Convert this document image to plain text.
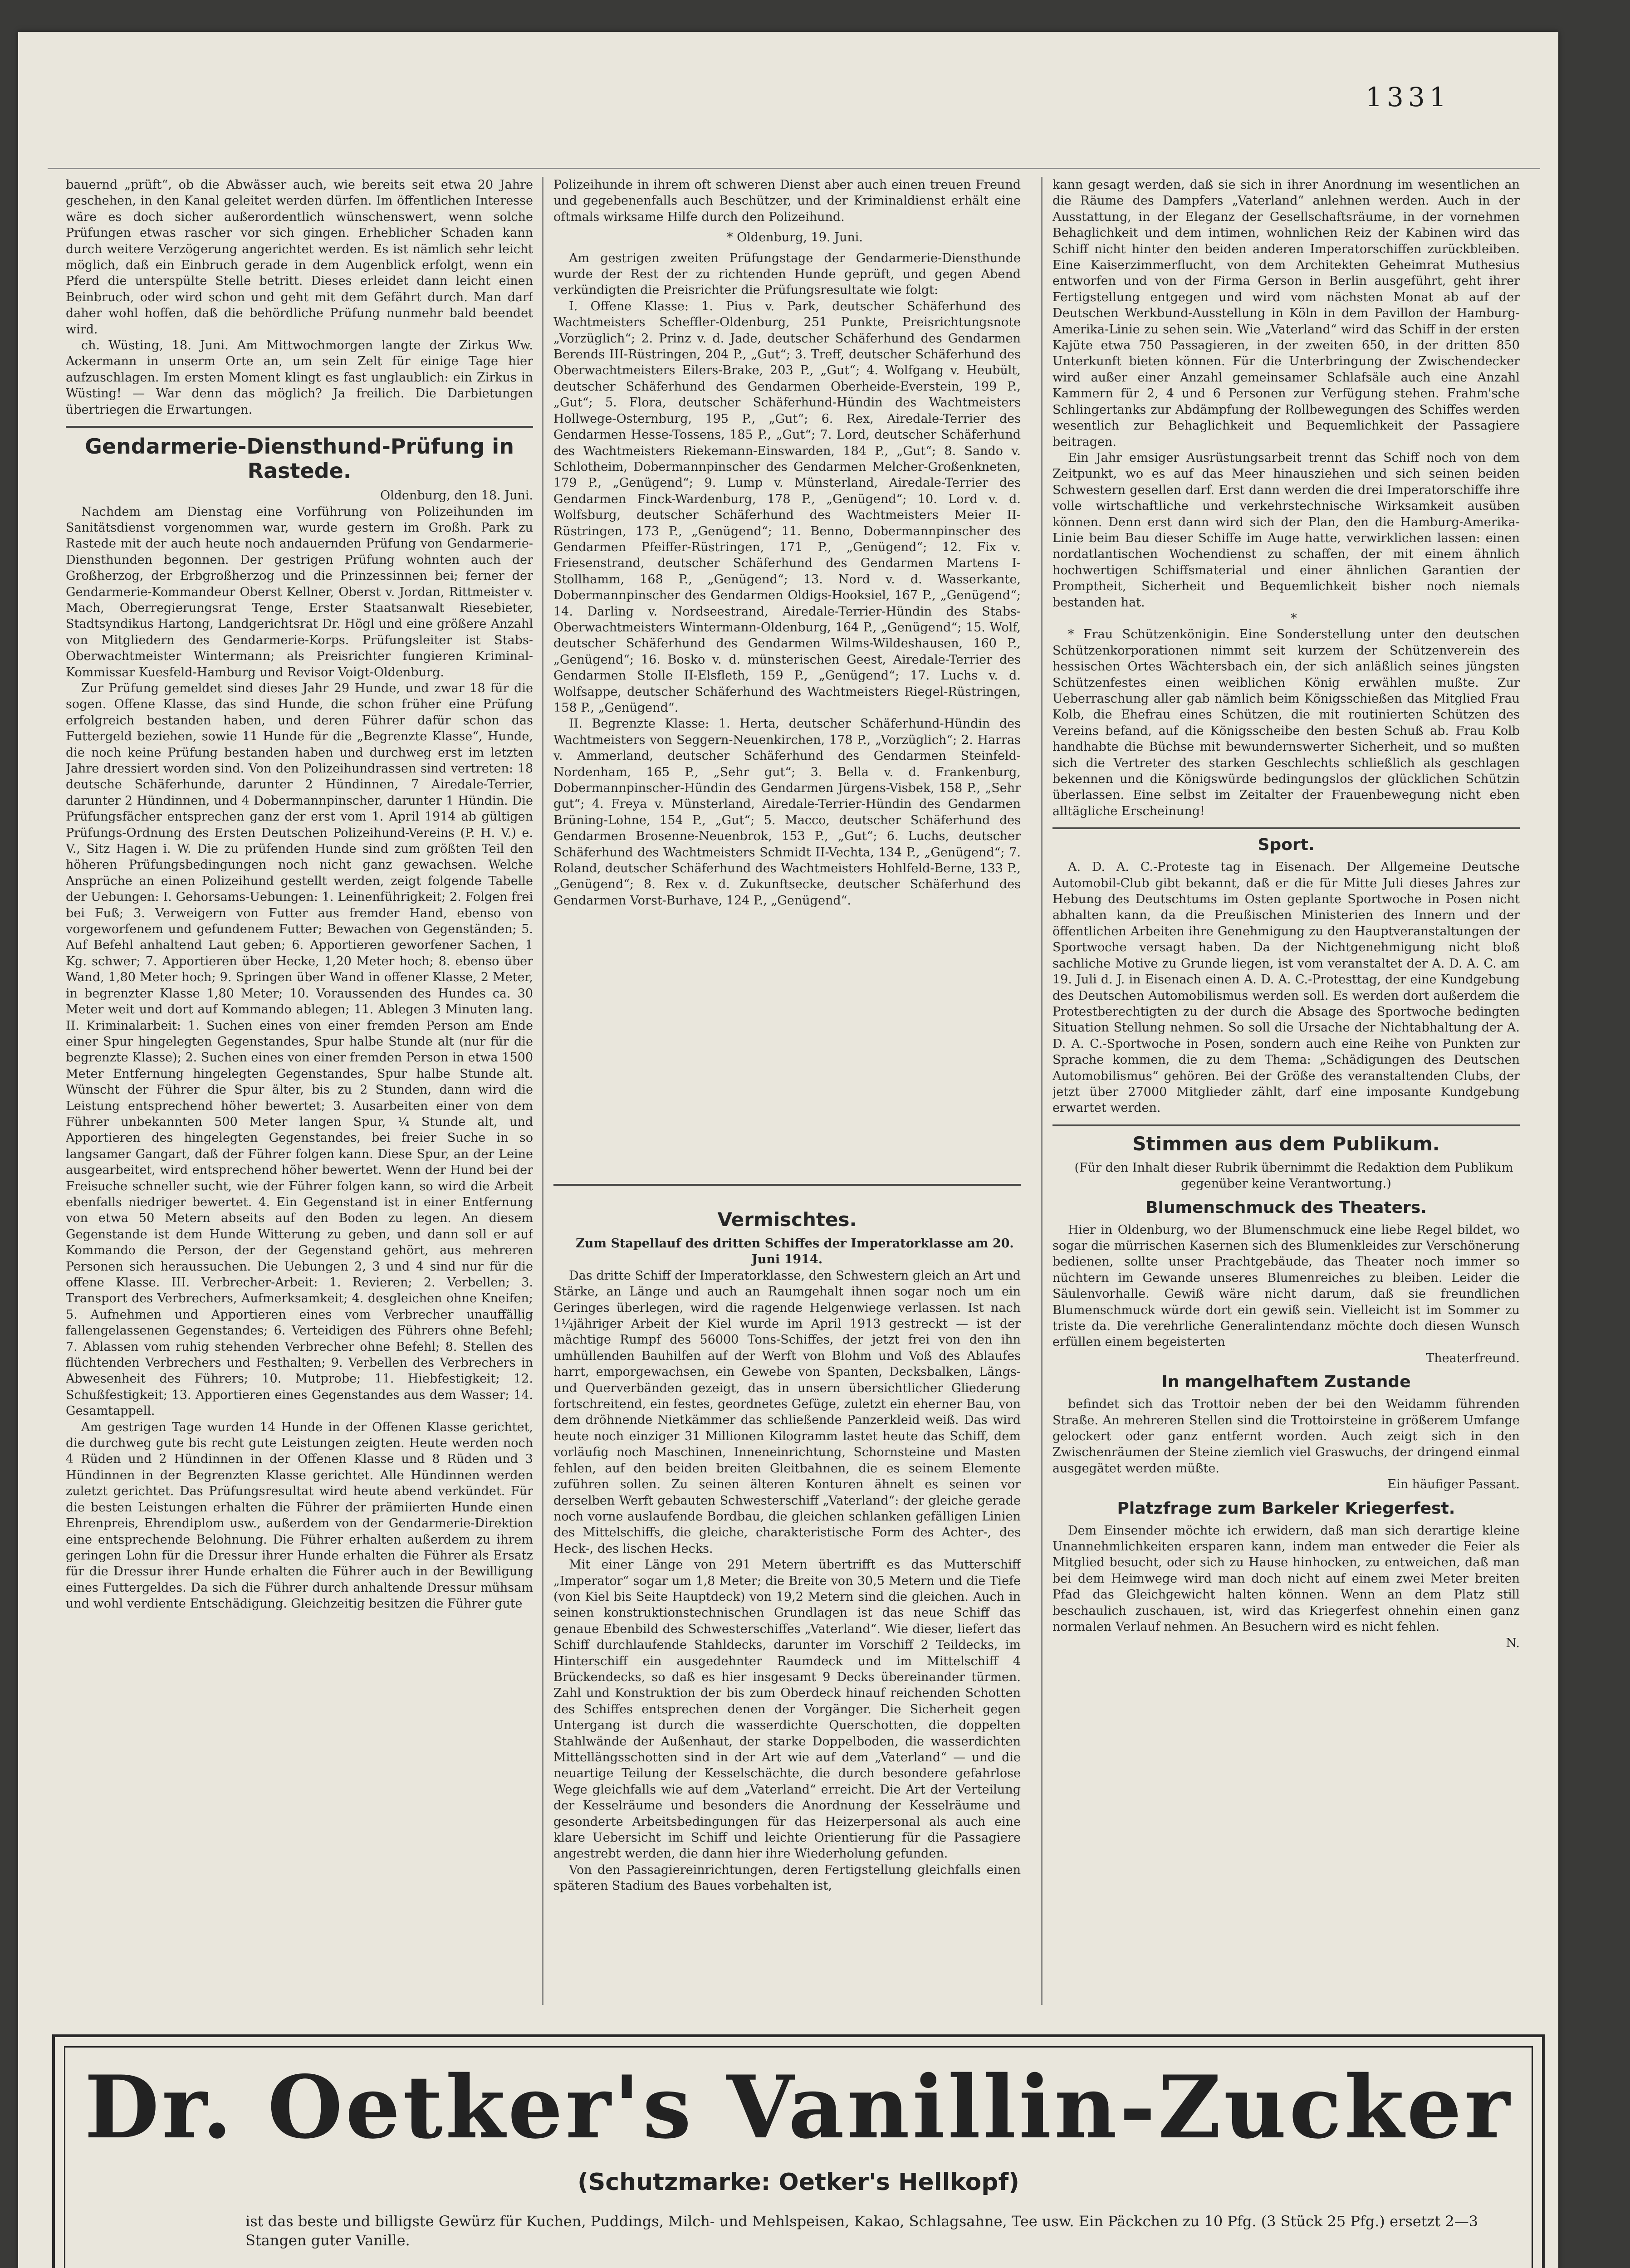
1331

bauernd „prüft“, ob die Abwässer auch, wie bereits seit etwa 20 Jahre geschehen, in den Kanal geleitet werden dürfen. Im öffentlichen Interesse wäre es doch sicher außerordentlich wünschenswert, wenn solche Prüfungen etwas rascher vor sich gingen. Erheblicher Schaden kann durch weitere Verzögerung angerichtet werden. Es ist nämlich sehr leicht möglich, daß ein Einbruch gerade in dem Augenblick erfolgt, wenn ein Pferd die unterspülte Stelle betritt. Dieses erleidet dann leicht einen Beinbruch, oder wird schon und geht mit dem Gefährt durch. Man darf daher wohl hoffen, daß die behördliche Prüfung nunmehr bald beendet wird.

ch. Wüsting, 18. Juni. Am Mittwochmorgen langte der Zirkus Ww. Ackermann in unserm Orte an, um sein Zelt für einige Tage hier aufzuschlagen. Im ersten Moment klingt es fast unglaublich: ein Zirkus in Wüsting! — War denn das möglich? Ja freilich. Die Darbietungen übertriegen die Erwartungen.

Gendarmerie-Diensthund-Prüfung in Rastede.

Oldenburg, den 18. Juni.

Nachdem am Dienstag eine Vorführung von Polizeihunden im Sanitätsdienst vorgenommen war, wurde gestern im Großh. Park zu Rastede mit der auch heute noch andauernden Prüfung von Gendarmerie-Diensthunden begonnen. Der gestrigen Prüfung wohnten auch der Großherzog, der Erbgroßherzog und die Prinzessinnen bei; ferner der Gendarmerie-Kommandeur Oberst Kellner, Oberst v. Jordan, Rittmeister v. Mach, Oberregierungsrat Tenge, Erster Staatsanwalt Riesebieter, Stadtsyndikus Hartong, Landgerichtsrat Dr. Högl und eine größere Anzahl von Mitgliedern des Gendarmerie-Korps. Prüfungsleiter ist Stabs-Oberwachtmeister Wintermann; als Preisrichter fungieren Kriminal-Kommissar Kuesfeld-Hamburg und Revisor Voigt-Oldenburg.

Zur Prüfung gemeldet sind dieses Jahr 29 Hunde, und zwar 18 für die sogen. Offene Klasse, das sind Hunde, die schon früher eine Prüfung erfolgreich bestanden haben, und deren Führer dafür schon das Futtergeld beziehen, sowie 11 Hunde für die „Begrenzte Klasse“, Hunde, die noch keine Prüfung bestanden haben und durchweg erst im letzten Jahre dressiert worden sind. Von den Polizeihundrassen sind vertreten: 18 deutsche Schäferhunde, darunter 2 Hündinnen, 7 Airedale-Terrier, darunter 2 Hündinnen, und 4 Dobermannpinscher, darunter 1 Hündin. Die Prüfungsfächer entsprechen ganz der erst vom 1. April 1914 ab gültigen Prüfungs-Ordnung des Ersten Deutschen Polizeihund-Vereins (P. H. V.) e. V., Sitz Hagen i. W. Die zu prüfenden Hunde sind zum größten Teil den höheren Prüfungsbedingungen noch nicht ganz gewachsen. Welche Ansprüche an einen Polizeihund gestellt werden, zeigt folgende Tabelle der Uebungen: I. Gehorsams-Uebungen: 1. Leinenführigkeit; 2. Folgen frei bei Fuß; 3. Verweigern von Futter aus fremder Hand, ebenso von vorgeworfenem und gefundenem Futter; Bewachen von Gegenständen; 5. Auf Befehl anhaltend Laut geben; 6. Apportieren geworfener Sachen, 1 Kg. schwer; 7. Apportieren über Hecke, 1,20 Meter hoch; 8. ebenso über Wand, 1,80 Meter hoch; 9. Springen über Wand in offener Klasse, 2 Meter, in begrenzter Klasse 1,80 Meter; 10. Voraussenden des Hundes ca. 30 Meter weit und dort auf Kommando ablegen; 11. Ablegen 3 Minuten lang. II. Kriminalarbeit: 1. Suchen eines von einer fremden Person am Ende einer Spur hingelegten Gegenstandes, Spur halbe Stunde alt (nur für die begrenzte Klasse); 2. Suchen eines von einer fremden Person in etwa 1500 Meter Entfernung hingelegten Gegenstandes, Spur halbe Stunde alt. Wünscht der Führer die Spur älter, bis zu 2 Stunden, dann wird die Leistung entsprechend höher bewertet; 3. Ausarbeiten einer von dem Führer unbekannten 500 Meter langen Spur, ¼ Stunde alt, und Apportieren des hingelegten Gegenstandes, bei freier Suche in so langsamer Gangart, daß der Führer folgen kann. Diese Spur, an der Leine ausgearbeitet, wird entsprechend höher bewertet. Wenn der Hund bei der Freisuche schneller sucht, wie der Führer folgen kann, so wird die Arbeit ebenfalls niedriger bewertet. 4. Ein Gegenstand ist in einer Entfernung von etwa 50 Metern abseits auf den Boden zu legen. An diesem Gegenstande ist dem Hunde Witterung zu geben, und dann soll er auf Kommando die Person, der der Gegenstand gehört, aus mehreren Personen sich heraussuchen. Die Uebungen 2, 3 und 4 sind nur für die offene Klasse. III. Verbrecher-Arbeit: 1. Revieren; 2. Verbellen; 3. Transport des Verbrechers, Aufmerksamkeit; 4. desgleichen ohne Kneifen; 5. Aufnehmen und Apportieren eines vom Verbrecher unauffällig fallengelassenen Gegenstandes; 6. Verteidigen des Führers ohne Befehl; 7. Ablassen vom ruhig stehenden Verbrecher ohne Befehl; 8. Stellen des flüchtenden Verbrechers und Festhalten; 9. Verbellen des Verbrechers in Abwesenheit des Führers; 10. Mutprobe; 11. Hiebfestigkeit; 12. Schußfestigkeit; 13. Apportieren eines Gegenstandes aus dem Wasser; 14. Gesamtappell.

Am gestrigen Tage wurden 14 Hunde in der Offenen Klasse gerichtet, die durchweg gute bis recht gute Leistungen zeigten. Heute werden noch 4 Rüden und 2 Hündinnen in der Offenen Klasse und 8 Rüden und 3 Hündinnen in der Begrenzten Klasse gerichtet. Alle Hündinnen werden zuletzt gerichtet. Das Prüfungsresultat wird heute abend verkündet. Für die besten Leistungen erhalten die Führer der prämiierten Hunde einen Ehrenpreis, Ehrendiplom usw., außerdem von der Gendarmerie-Direktion eine entsprechende Belohnung. Die Führer erhalten außerdem zu ihrem geringen Lohn für die Dressur ihrer Hunde erhalten die Führer als Ersatz für die Dressur ihrer Hunde erhalten die Führer auch in der Bewilligung eines Futtergeldes. Da sich die Führer durch anhaltende Dressur mühsam und wohl verdiente Entschädigung. Gleichzeitig besitzen die Führer gute

Polizeihunde in ihrem oft schweren Dienst aber auch einen treuen Freund und gegebenenfalls auch Beschützer, und der Kriminaldienst erhält eine oftmals wirksame Hilfe durch den Polizeihund.

* Oldenburg, 19. Juni.

Am gestrigen zweiten Prüfungstage der Gendarmerie-Diensthunde wurde der Rest der zu richtenden Hunde geprüft, und gegen Abend verkündigten die Preisrichter die Prüfungsresultate wie folgt:

I. Offene Klasse: 1. Pius v. Park, deutscher Schäferhund des Wachtmeisters Scheffler-Oldenburg, 251 Punkte, Preisrichtungsnote „Vorzüglich“; 2. Prinz v. d. Jade, deutscher Schäferhund des Gendarmen Berends III-Rüstringen, 204 P., „Gut“; 3. Treff, deutscher Schäferhund des Oberwachtmeisters Eilers-Brake, 203 P., „Gut“; 4. Wolfgang v. Heubült, deutscher Schäferhund des Gendarmen Oberheide-Everstein, 199 P., „Gut“; 5. Flora, deutscher Schäferhund-Hündin des Wachtmeisters Hollwege-Osternburg, 195 P., „Gut“; 6. Rex, Airedale-Terrier des Gendarmen Hesse-Tossens, 185 P., „Gut“; 7. Lord, deutscher Schäferhund des Wachtmeisters Riekemann-Einswarden, 184 P., „Gut“; 8. Sando v. Schlotheim, Dobermannpinscher des Gendarmen Melcher-Großenkneten, 179 P., „Genügend“; 9. Lump v. Münsterland, Airedale-Terrier des Gendarmen Finck-Wardenburg, 178 P., „Genügend“; 10. Lord v. d. Wolfsburg, deutscher Schäferhund des Wachtmeisters Meier II-Rüstringen, 173 P., „Genügend“; 11. Benno, Dobermannpinscher des Gendarmen Pfeiffer-Rüstringen, 171 P., „Genügend“; 12. Fix v. Friesenstrand, deutscher Schäferhund des Gendarmen Martens I-Stollhamm, 168 P., „Genügend“; 13. Nord v. d. Wasserkante, Dobermannpinscher des Gendarmen Oldigs-Hooksiel, 167 P., „Genügend“; 14. Darling v. Nordseestrand, Airedale-Terrier-Hündin des Stabs-Oberwachtmeisters Wintermann-Oldenburg, 164 P., „Genügend“; 15. Wolf, deutscher Schäferhund des Gendarmen Wilms-Wildeshausen, 160 P., „Genügend“; 16. Bosko v. d. münsterischen Geest, Airedale-Terrier des Gendarmen Stolle II-Elsfleth, 159 P., „Genügend“; 17. Luchs v. d. Wolfsappe, deutscher Schäferhund des Wachtmeisters Riegel-Rüstringen, 158 P., „Genügend“.

II. Begrenzte Klasse: 1. Herta, deutscher Schäferhund-Hündin des Wachtmeisters von Seggern-Neuenkirchen, 178 P., „Vorzüglich“; 2. Harras v. Ammerland, deutscher Schäferhund des Gendarmen Steinfeld-Nordenham, 165 P., „Sehr gut“; 3. Bella v. d. Frankenburg, Dobermannpinscher-Hündin des Gendarmen Jürgens-Visbek, 158 P., „Sehr gut“; 4. Freya v. Münsterland, Airedale-Terrier-Hündin des Gendarmen Brüning-Lohne, 154 P., „Gut“; 5. Macco, deutscher Schäferhund des Gendarmen Brosenne-Neuenbrok, 153 P., „Gut“; 6. Luchs, deutscher Schäferhund des Wachtmeisters Schmidt II-Vechta, 134 P., „Genügend“; 7. Roland, deutscher Schäferhund des Wachtmeisters Hohlfeld-Berne, 133 P., „Genügend“; 8. Rex v. d. Zukunftsecke, deutscher Schäferhund des Gendarmen Vorst-Burhave, 124 P., „Genügend“.

Vermischtes.

Zum Stapellauf des dritten Schiffes der Imperatorklasse am 20. Juni 1914.

Das dritte Schiff der Imperatorklasse, den Schwestern gleich an Art und Stärke, an Länge und auch an Raumgehalt ihnen sogar noch um ein Geringes überlegen, wird die ragende Helgenwiege verlassen. Ist nach 1¼jähriger Arbeit der Kiel wurde im April 1913 gestreckt — ist der mächtige Rumpf des 56000 Tons-Schiffes, der jetzt frei von den ihn umhüllenden Bauhilfen auf der Werft von Blohm und Voß des Ablaufes harrt, emporgewachsen, ein Gewebe von Spanten, Decksbalken, Längs- und Querverbänden gezeigt, das in unsern übersichtlicher Gliederung fortschreitend, ein festes, geordnetes Gefüge, zuletzt ein eherner Bau, von dem dröhnende Nietkämmer das schließende Panzerkleid weiß. Das wird heute noch einziger 31 Millionen Kilogramm lastet heute das Schiff, dem vorläufig noch Maschinen, Inneneinrichtung, Schornsteine und Masten fehlen, auf den beiden breiten Gleitbahnen, die es seinem Elemente zuführen sollen. Zu seinen älteren Konturen ähnelt es seinen vor derselben Werft gebauten Schwesterschiff „Vaterland“: der gleiche gerade noch vorne auslaufende Bordbau, die gleichen schlanken gefälligen Linien des Mittelschiffs, die gleiche, charakteristische Form des Achter-, des Heck-, des lischen Hecks.

Mit einer Länge von 291 Metern übertrifft es das Mutterschiff „Imperator“ sogar um 1,8 Meter; die Breite von 30,5 Metern und die Tiefe (von Kiel bis Seite Hauptdeck) von 19,2 Metern sind die gleichen. Auch in seinen konstruktionstechnischen Grundlagen ist das neue Schiff das genaue Ebenbild des Schwesterschiffes „Vaterland“. Wie dieser, liefert das Schiff durchlaufende Stahldecks, darunter im Vorschiff 2 Teildecks, im Hinterschiff ein ausgedehnter Raumdeck und im Mittelschiff 4 Brückendecks, so daß es hier insgesamt 9 Decks übereinander türmen. Zahl und Konstruktion der bis zum Oberdeck hinauf reichenden Schotten des Schiffes entsprechen denen der Vorgänger. Die Sicherheit gegen Untergang ist durch die wasserdichte Querschotten, die doppelten Stahlwände der Außenhaut, der starke Doppelboden, die wasserdichten Mittellängsschotten sind in der Art wie auf dem „Vaterland“ — und die neuartige Teilung der Kesselschächte, die durch besondere gefahrlose Wege gleichfalls wie auf dem „Vaterland“ erreicht. Die Art der Verteilung der Kesselräume und besonders die Anordnung der Kesselräume und gesonderte Arbeitsbedingungen für das Heizerpersonal als auch eine klare Uebersicht im Schiff und leichte Orientierung für die Passagiere angestrebt werden, die dann hier ihre Wiederholung gefunden.

Von den Passagiereinrichtungen, deren Fertigstellung gleichfalls einen späteren Stadium des Baues vorbehalten ist,

kann gesagt werden, daß sie sich in ihrer Anordnung im wesentlichen an die Räume des Dampfers „Vaterland“ anlehnen werden. Auch in der Ausstattung, in der Eleganz der Gesellschaftsräume, in der vornehmen Behaglichkeit und dem intimen, wohnlichen Reiz der Kabinen wird das Schiff nicht hinter den beiden anderen Imperatorschiffen zurückbleiben. Eine Kaiserzimmerflucht, von dem Architekten Geheimrat Muthesius entworfen und von der Firma Gerson in Berlin ausgeführt, geht ihrer Fertigstellung entgegen und wird vom nächsten Monat ab auf der Deutschen Werkbund-Ausstellung in Köln in dem Pavillon der Hamburg-Amerika-Linie zu sehen sein. Wie „Vaterland“ wird das Schiff in der ersten Kajüte etwa 750 Passagieren, in der zweiten 650, in der dritten 850 Unterkunft bieten können. Für die Unterbringung der Zwischendecker wird außer einer Anzahl gemeinsamer Schlafsäle auch eine Anzahl Kammern für 2, 4 und 6 Personen zur Verfügung stehen. Frahm'sche Schlingertanks zur Abdämpfung der Rollbewegungen des Schiffes werden wesentlich zur Behaglichkeit und Bequemlichkeit der Passagiere beitragen.

Ein Jahr emsiger Ausrüstungsarbeit trennt das Schiff noch von dem Zeitpunkt, wo es auf das Meer hinausziehen und sich seinen beiden Schwestern gesellen darf. Erst dann werden die drei Imperatorschiffe ihre volle wirtschaftliche und verkehrstechnische Wirksamkeit ausüben können. Denn erst dann wird sich der Plan, den die Hamburg-Amerika-Linie beim Bau dieser Schiffe im Auge hatte, verwirklichen lassen: einen nordatlantischen Wochendienst zu schaffen, der mit einem ähnlich hochwertigen Schiffsmaterial und einer ähnlichen Garantien der Promptheit, Sicherheit und Bequemlichkeit bisher noch niemals bestanden hat.

*

* Frau Schützenkönigin. Eine Sonderstellung unter den deutschen Schützenkorporationen nimmt seit kurzem der Schützenverein des hessischen Ortes Wächtersbach ein, der sich anläßlich seines jüngsten Schützenfestes einen weiblichen König erwählen mußte. Zur Ueberraschung aller gab nämlich beim Königsschießen das Mitglied Frau Kolb, die Ehefrau eines Schützen, die mit routinierten Schützen des Vereins befand, auf die Königsscheibe den besten Schuß ab. Frau Kolb handhabte die Büchse mit bewundernswerter Sicherheit, und so mußten sich die Vertreter des starken Geschlechts schließlich als geschlagen bekennen und die Königswürde bedingungslos der glücklichen Schützin überlassen. Eine selbst im Zeitalter der Frauenbewegung nicht eben alltägliche Erscheinung!

Sport.

A. D. A. C.-Proteste tag in Eisenach. Der Allgemeine Deutsche Automobil-Club gibt bekannt, daß er die für Mitte Juli dieses Jahres zur Hebung des Deutschtums im Osten geplante Sportwoche in Posen nicht abhalten kann, da die Preußischen Ministerien des Innern und der öffentlichen Arbeiten ihre Genehmigung zu den Hauptveranstaltungen der Sportwoche versagt haben. Da der Nichtgenehmigung nicht bloß sachliche Motive zu Grunde liegen, ist vom veranstaltet der A. D. A. C. am 19. Juli d. J. in Eisenach einen A. D. A. C.-Protesttag, der eine Kundgebung des Deutschen Automobilismus werden soll. Es werden dort außerdem die Protestberechtigten zu der durch die Absage des Sportwoche bedingten Situation Stellung nehmen. So soll die Ursache der Nichtabhaltung der A. D. A. C.-Sportwoche in Posen, sondern auch eine Reihe von Punkten zur Sprache kommen, die zu dem Thema: „Schädigungen des Deutschen Automobilismus“ gehören. Bei der Größe des veranstaltenden Clubs, der jetzt über 27000 Mitglieder zählt, darf eine imposante Kundgebung erwartet werden.

Stimmen aus dem Publikum.

(Für den Inhalt dieser Rubrik übernimmt die Redaktion dem Publikum gegenüber keine Verantwortung.)

Blumenschmuck des Theaters.

Hier in Oldenburg, wo der Blumenschmuck eine liebe Regel bildet, wo sogar die mürrischen Kasernen sich des Blumenkleides zur Verschönerung bedienen, sollte unser Prachtgebäude, das Theater noch immer so nüchtern im Gewande unseres Blumenreiches zu bleiben. Leider die Säulenvorhalle. Gewiß wäre nicht darum, daß sie freundlichen Blumenschmuck würde dort ein gewiß sein. Vielleicht ist im Sommer zu triste da. Die verehrliche Generalintendanz möchte doch diesen Wunsch erfüllen einem begeisterten

Theaterfreund.

In mangelhaftem Zustande

befindet sich das Trottoir neben der bei den Weidamm führenden Straße. An mehreren Stellen sind die Trottoirsteine in größerem Umfange gelockert oder ganz entfernt worden. Auch zeigt sich in den Zwischenräumen der Steine ziemlich viel Graswuchs, der dringend einmal ausgegätet werden müßte.

Ein häufiger Passant.

Platzfrage zum Barkeler Kriegerfest.

Dem Einsender möchte ich erwidern, daß man sich derartige kleine Unannehmlichkeiten ersparen kann, indem man entweder die Feier als Mitglied besucht, oder sich zu Hause hinhocken, zu entweichen, daß man bei dem Heimwege wird man doch nicht auf einem zwei Meter breiten Pfad das Gleichgewicht halten können. Wenn an dem Platz still beschaulich zuschauen, ist, wird das Kriegerfest ohnehin einen ganz normalen Verlauf nehmen. An Besuchern wird es nicht fehlen.

N.

Dr. Oetker's Vanillin-Zucker
(Schutzmarke: Oetker's Hellkopf)
ist das beste und billigste Gewürz für Kuchen, Puddings, Milch- und Mehlspeisen, Kakao, Schlagsahne, Tee usw. Ein Päckchen zu 10 Pfg. (3 Stück 25 Pfg.) ersetzt 2—3 Stangen guter Vanille.
